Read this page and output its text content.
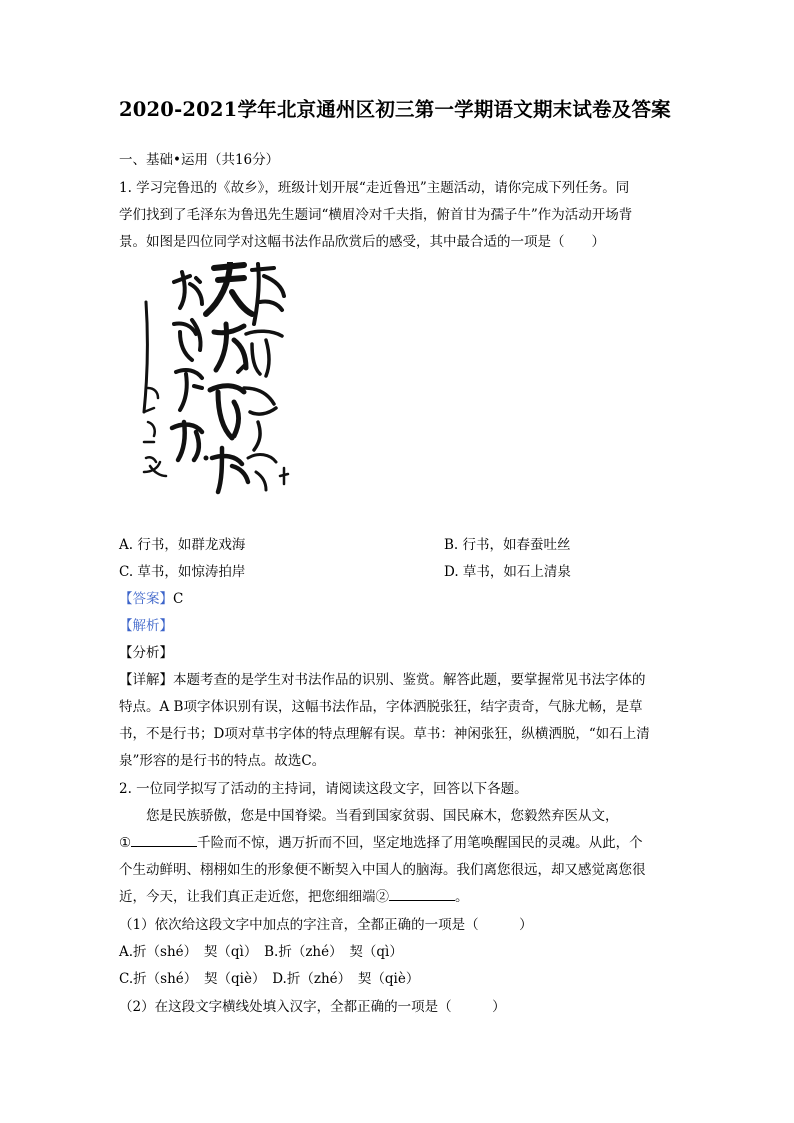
2020-2021学年北京通州区初三第一学期语文期末试卷及答案
一、基础•运用（共16分）
1. 学习完鲁迅的《故乡》，班级计划开展“走近鲁迅”主题活动，请你完成下列任务。同
学们找到了毛泽东为鲁迅先生题词“横眉冷对千夫指，俯首甘为孺子牛”作为活动开场背
景。如图是四位同学对这幅书法作品欣赏后的感受，其中最合适的一项是（　　）
A. 行书，如群龙戏海	B. 行书，如春蚕吐丝
C. 草书，如惊涛拍岸	D. 草书，如石上清泉
【答案】C
【解析】
【分析】
【详解】本题考查的是学生对书法作品的识别、鉴赏。解答此题，要掌握常见书法字体的
特点。A B项字体识别有误，这幅书法作品，字体洒脱张狂，结字责奇，气脉尤畅，是草
书，不是行书；D项对草书字体的特点理解有误。草书：神闲张狂，纵横洒脱，“如石上清
泉”形容的是行书的特点。故选C。
2. 一位同学拟写了活动的主持词，请阅读这段文字，回答以下各题。
您是民族骄傲，您是中国脊梁。当看到国家贫弱、国民麻木，您毅然弃医从文，
①	千险而不惊，遇万折而不回，坚定地选择了用笔唤醒国民的灵魂。从此，个
个生动鲜明、栩栩如生的形象便不断契入中国人的脑海。我们离您很远，却又感觉离您很
近，今天，让我们真正走近您，把您细细端②	。
（1）依次给这段文字中加点的字注音，全都正确的一项是（　　　）
A.折（shé）　契（qì）　B.折（zhé）　契（qì）
C.折（shé）　契（qiè）　D.折（zhé）　契（qiè）
（2）在这段文字横线处填入汉字，全都正确的一项是（　　　）
